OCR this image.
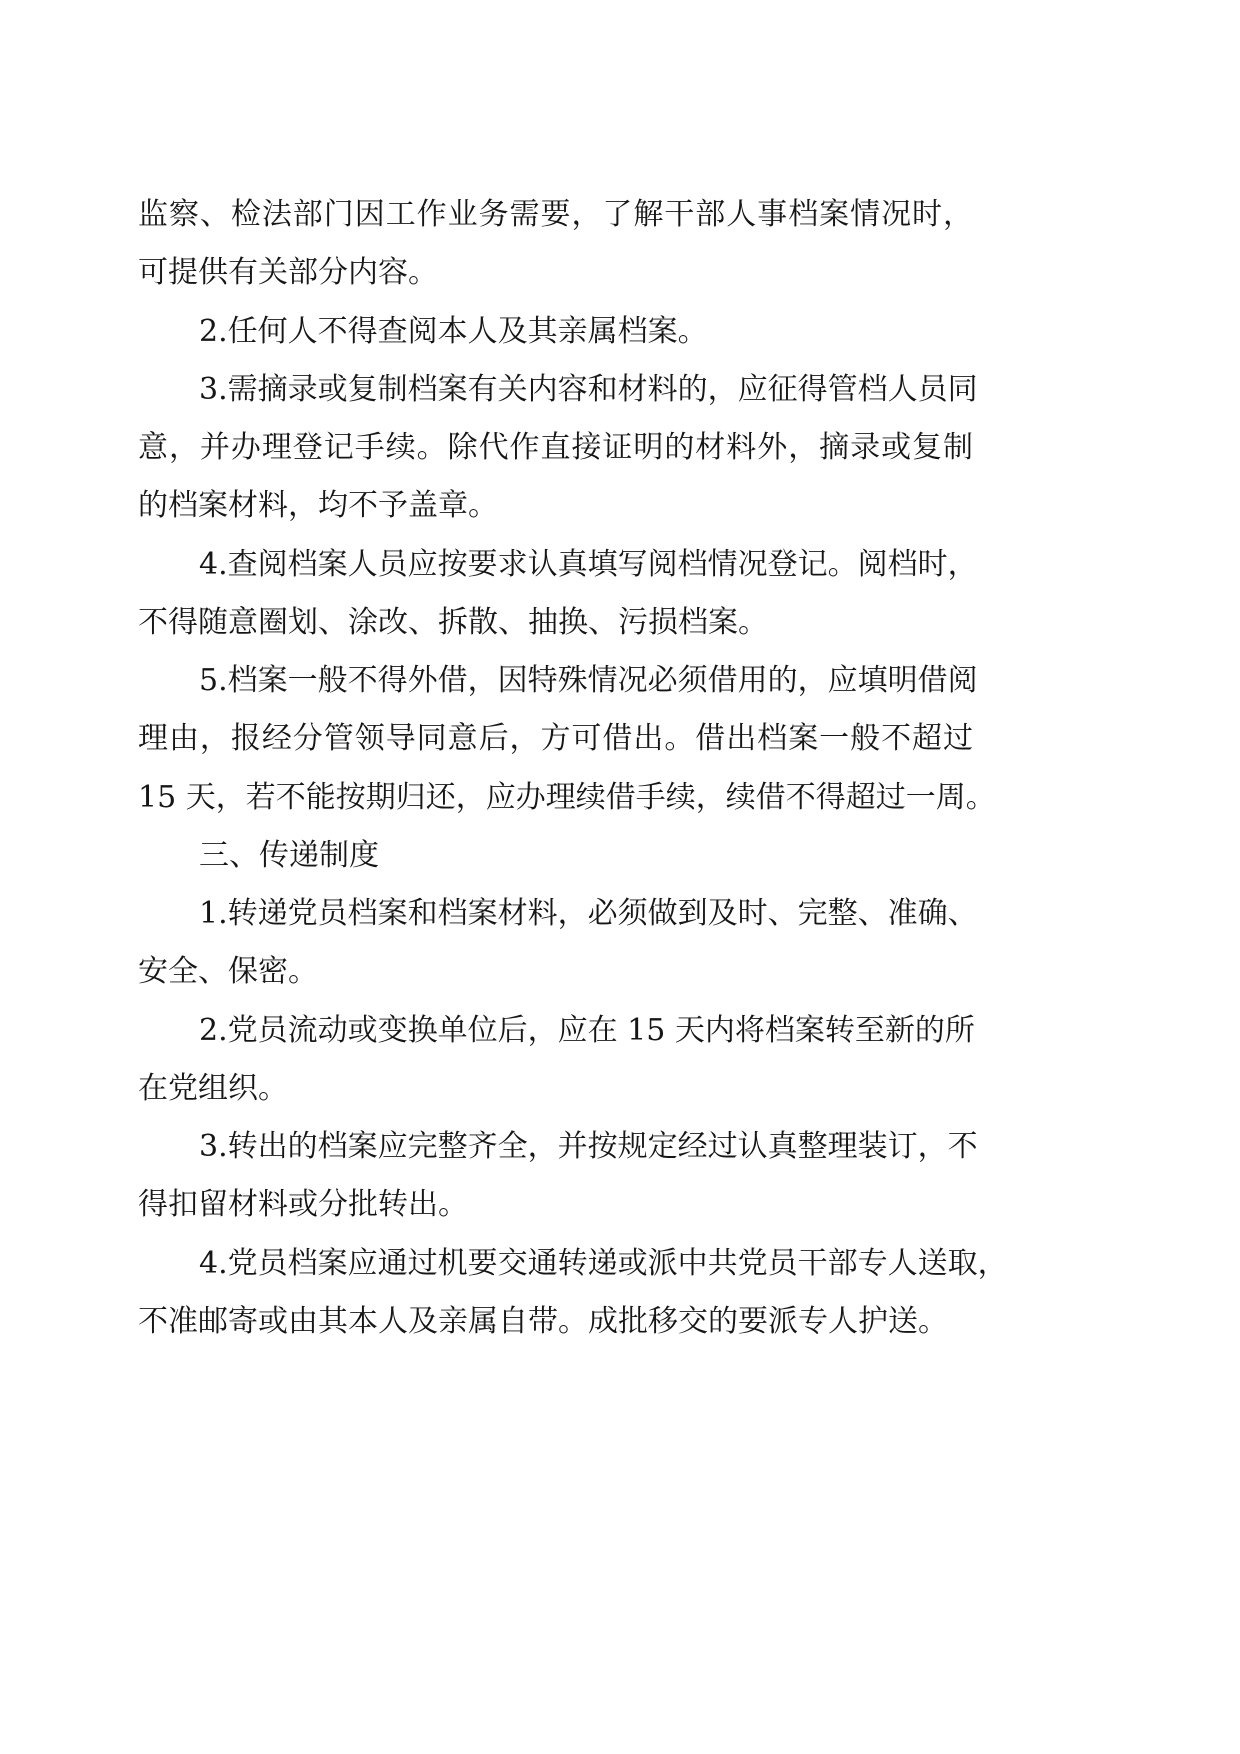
监察、检法部门因工作业务需要，了解干部人事档案情况时，
可提供有关部分内容。
2.任何人不得查阅本人及其亲属档案。
3.需摘录或复制档案有关内容和材料的，应征得管档人员同
意，并办理登记手续。除代作直接证明的材料外，摘录或复制
的档案材料，均不予盖章。
4.查阅档案人员应按要求认真填写阅档情况登记。阅档时，
不得随意圈划、涂改、拆散、抽换、污损档案。
5.档案一般不得外借，因特殊情况必须借用的，应填明借阅
理由，报经分管领导同意后，方可借出。借出档案一般不超过
15 天，若不能按期归还，应办理续借手续，续借不得超过一周。
三、传递制度
1.转递党员档案和档案材料，必须做到及时、完整、准确、
安全、保密。
2.党员流动或变换单位后，应在 15 天内将档案转至新的所
在党组织。
3.转出的档案应完整齐全，并按规定经过认真整理装订，不
得扣留材料或分批转出。
4.党员档案应通过机要交通转递或派中共党员干部专人送取，
不准邮寄或由其本人及亲属自带。成批移交的要派专人护送。
